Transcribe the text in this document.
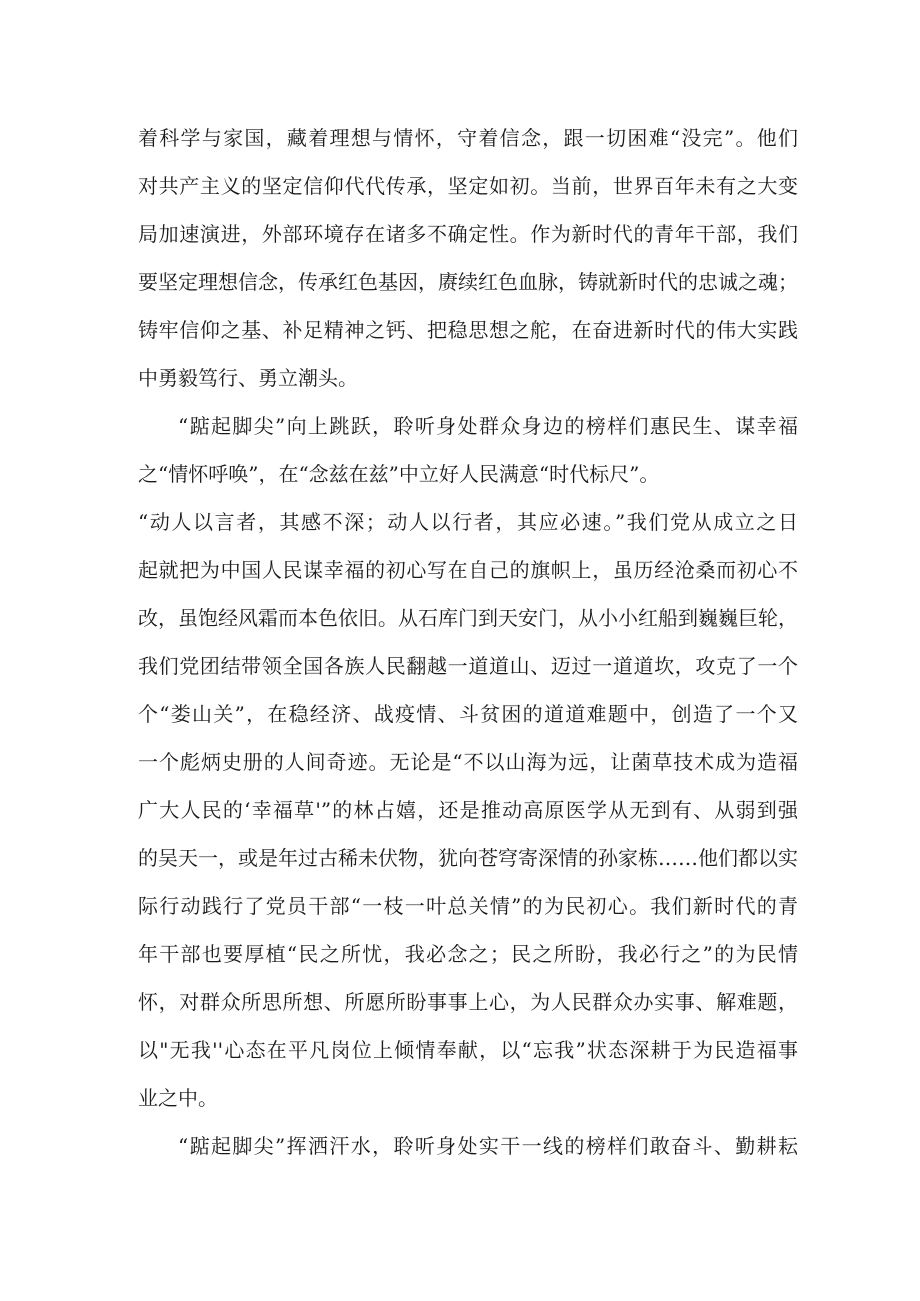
着科学与家国，藏着理想与情怀，守着信念，跟一切困难“没完”。他们
对共产主义的坚定信仰代代传承，坚定如初。当前，世界百年未有之大变
局加速演进，外部环境存在诸多不确定性。作为新时代的青年干部，我们
要坚定理想信念，传承红色基因，赓续红色血脉，铸就新时代的忠诚之魂；
铸牢信仰之基、补足精神之钙、把稳思想之舵，在奋进新时代的伟大实践
中勇毅笃行、勇立潮头。
“踮起脚尖”向上跳跃，聆听身处群众身边的榜样们惠民生、谋幸福
之“情怀呼唤”，在“念兹在兹”中立好人民满意“时代标尺”。
“动人以言者，其感不深；动人以行者，其应必速。”我们党从成立之日
起就把为中国人民谋幸福的初心写在自己的旗帜上，虽历经沧桑而初心不
改，虽饱经风霜而本色依旧。从石库门到天安门，从小小红船到巍巍巨轮，
我们党团结带领全国各族人民翻越一道道山、迈过一道道坎，攻克了一个
个“娄山关”，在稳经济、战疫情、斗贫困的道道难题中，创造了一个又
一个彪炳史册的人间奇迹。无论是“不以山海为远，让菌草技术成为造福
广大人民的‘幸福草'”的林占嬉，还是推动高原医学从无到有、从弱到强
的吴天一，或是年过古稀未伏物，犹向苍穹寄深情的孙家栋……他们都以实
际行动践行了党员干部“一枝一叶总关情”的为民初心。我们新时代的青
年干部也要厚植“民之所忧，我必念之；民之所盼，我必行之”的为民情
怀，对群众所思所想、所愿所盼事事上心，为人民群众办实事、解难题，
以"无我''心态在平凡岗位上倾情奉献，以“忘我”状态深耕于为民造福事
业之中。
“踮起脚尖”挥洒汗水，聆听身处实干一线的榜样们敢奋斗、勤耕耘
